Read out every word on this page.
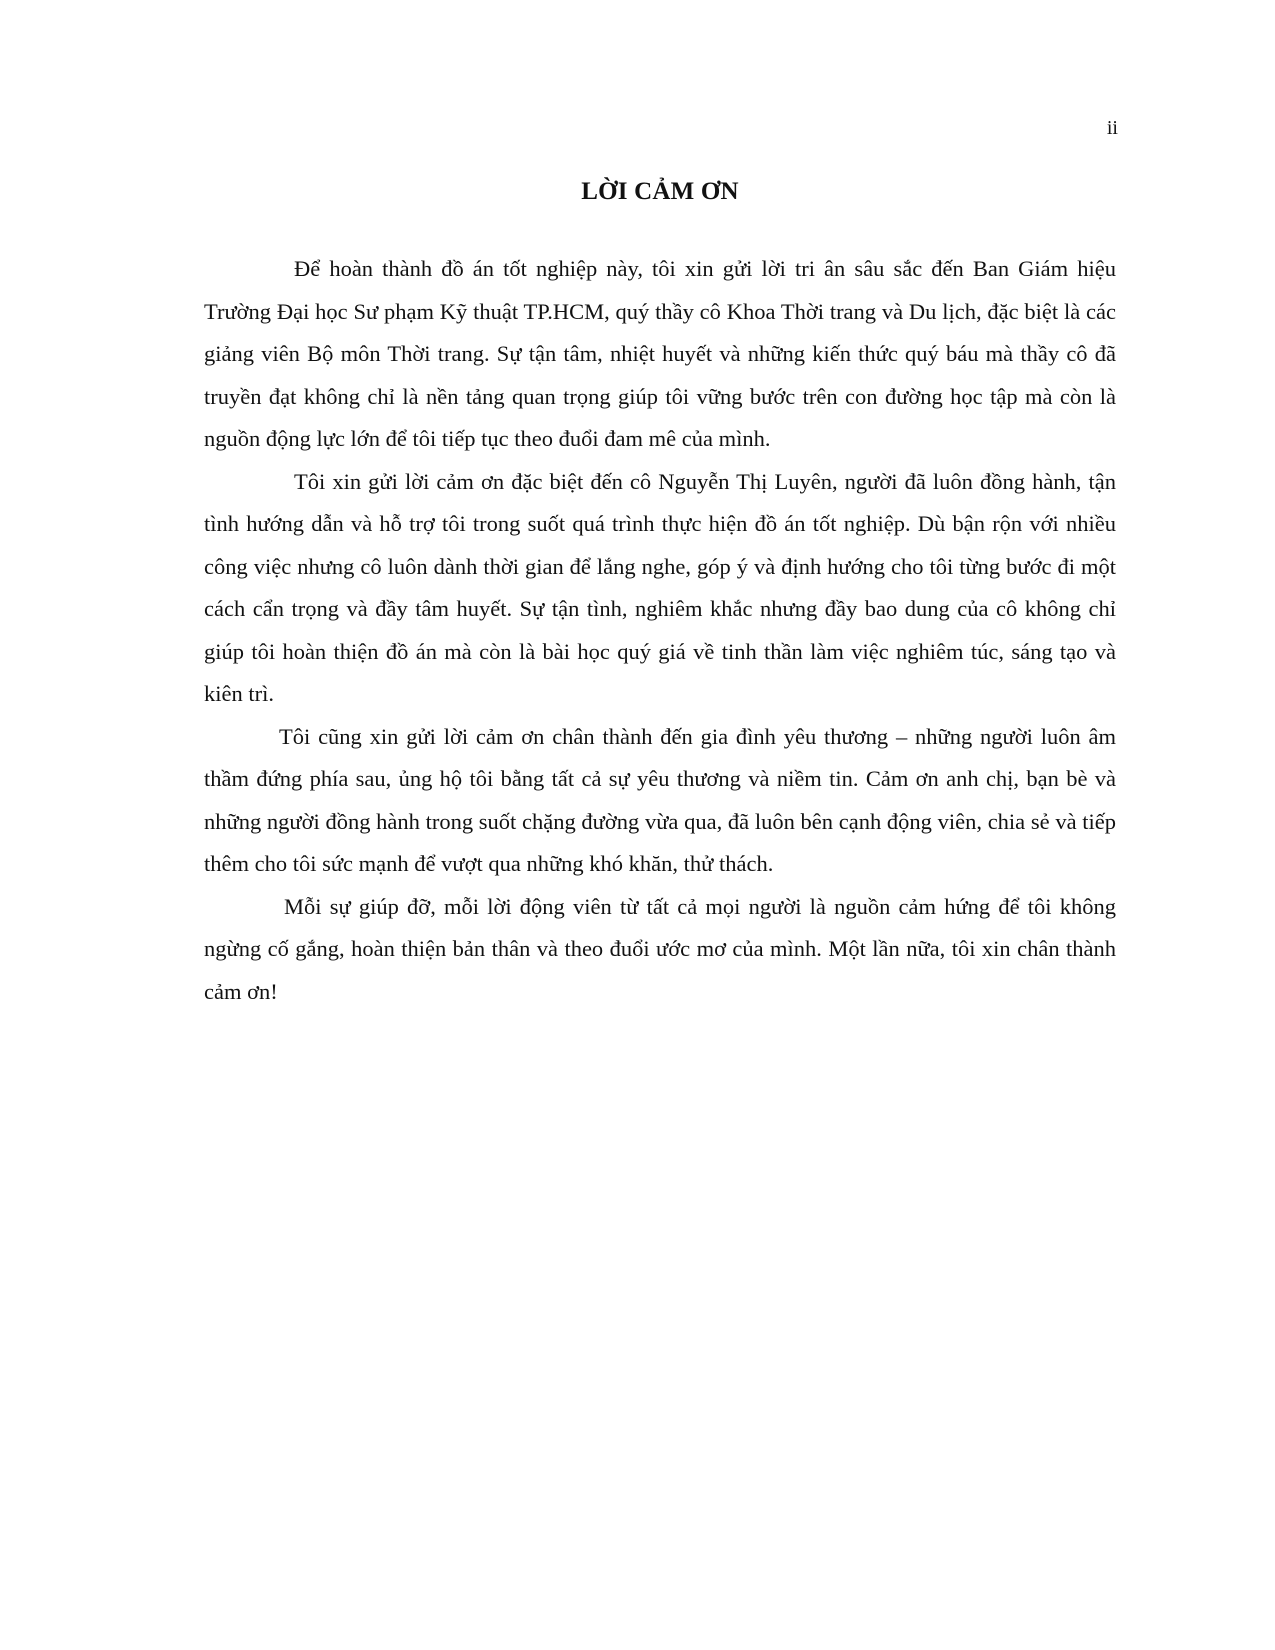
ii
LỜI CẢM ƠN

Để hoàn thành đồ án tốt nghiệp này, tôi xin gửi lời tri ân sâu sắc đến Ban Giám hiệu Trường Đại học Sư phạm Kỹ thuật TP.HCM, quý thầy cô Khoa Thời trang và Du lịch, đặc biệt là các giảng viên Bộ môn Thời trang. Sự tận tâm, nhiệt huyết và những kiến thức quý báu mà thầy cô đã truyền đạt không chỉ là nền tảng quan trọng giúp tôi vững bước trên con đường học tập mà còn là nguồn động lực lớn để tôi tiếp tục theo đuổi đam mê của mình.

Tôi xin gửi lời cảm ơn đặc biệt đến cô Nguyễn Thị Luyên, người đã luôn đồng hành, tận tình hướng dẫn và hỗ trợ tôi trong suốt quá trình thực hiện đồ án tốt nghiệp. Dù bận rộn với nhiều công việc nhưng cô luôn dành thời gian để lắng nghe, góp ý và định hướng cho tôi từng bước đi một cách cẩn trọng và đầy tâm huyết. Sự tận tình, nghiêm khắc nhưng đầy bao dung của cô không chỉ giúp tôi hoàn thiện đồ án mà còn là bài học quý giá về tinh thần làm việc nghiêm túc, sáng tạo và kiên trì.

Tôi cũng xin gửi lời cảm ơn chân thành đến gia đình yêu thương – những người luôn âm thầm đứng phía sau, ủng hộ tôi bằng tất cả sự yêu thương và niềm tin. Cảm ơn anh chị, bạn bè và những người đồng hành trong suốt chặng đường vừa qua, đã luôn bên cạnh động viên, chia sẻ và tiếp thêm cho tôi sức mạnh để vượt qua những khó khăn, thử thách.

Mỗi sự giúp đỡ, mỗi lời động viên từ tất cả mọi người là nguồn cảm hứng để tôi không ngừng cố gắng, hoàn thiện bản thân và theo đuổi ước mơ của mình. Một lần nữa, tôi xin chân thành cảm ơn!
